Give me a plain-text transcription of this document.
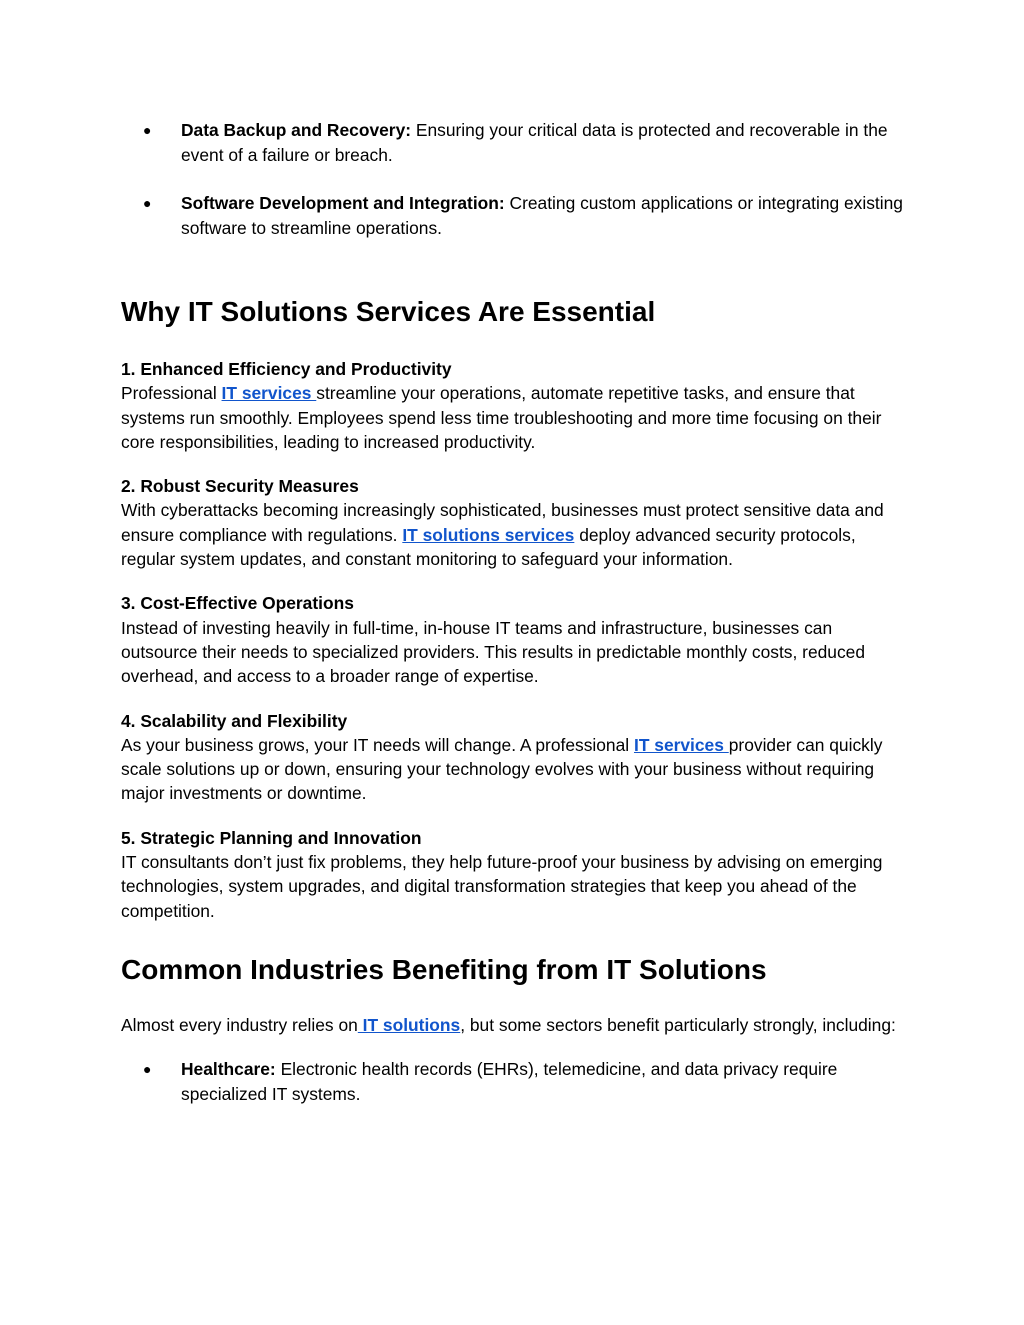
● Data Backup and Recovery: Ensuring your critical data is protected and recoverable in the event of a failure or breach.
● Software Development and Integration: Creating custom applications or integrating existing software to streamline operations.
Why IT Solutions Services Are Essential
1. Enhanced Efficiency and Productivity
Professional IT services streamline your operations, automate repetitive tasks, and ensure that systems run smoothly. Employees spend less time troubleshooting and more time focusing on their core responsibilities, leading to increased productivity.
2. Robust Security Measures
With cyberattacks becoming increasingly sophisticated, businesses must protect sensitive data and ensure compliance with regulations. IT solutions services deploy advanced security protocols, regular system updates, and constant monitoring to safeguard your information.
3. Cost-Effective Operations
Instead of investing heavily in full-time, in-house IT teams and infrastructure, businesses can outsource their needs to specialized providers. This results in predictable monthly costs, reduced overhead, and access to a broader range of expertise.
4. Scalability and Flexibility
As your business grows, your IT needs will change. A professional IT services provider can quickly scale solutions up or down, ensuring your technology evolves with your business without requiring major investments or downtime.
5. Strategic Planning and Innovation
IT consultants don’t just fix problems, they help future-proof your business by advising on emerging technologies, system upgrades, and digital transformation strategies that keep you ahead of the competition.
Common Industries Benefiting from IT Solutions

Almost every industry relies on IT solutions, but some sectors benefit particularly strongly, including:

● Healthcare: Electronic health records (EHRs), telemedicine, and data privacy require specialized IT systems.
